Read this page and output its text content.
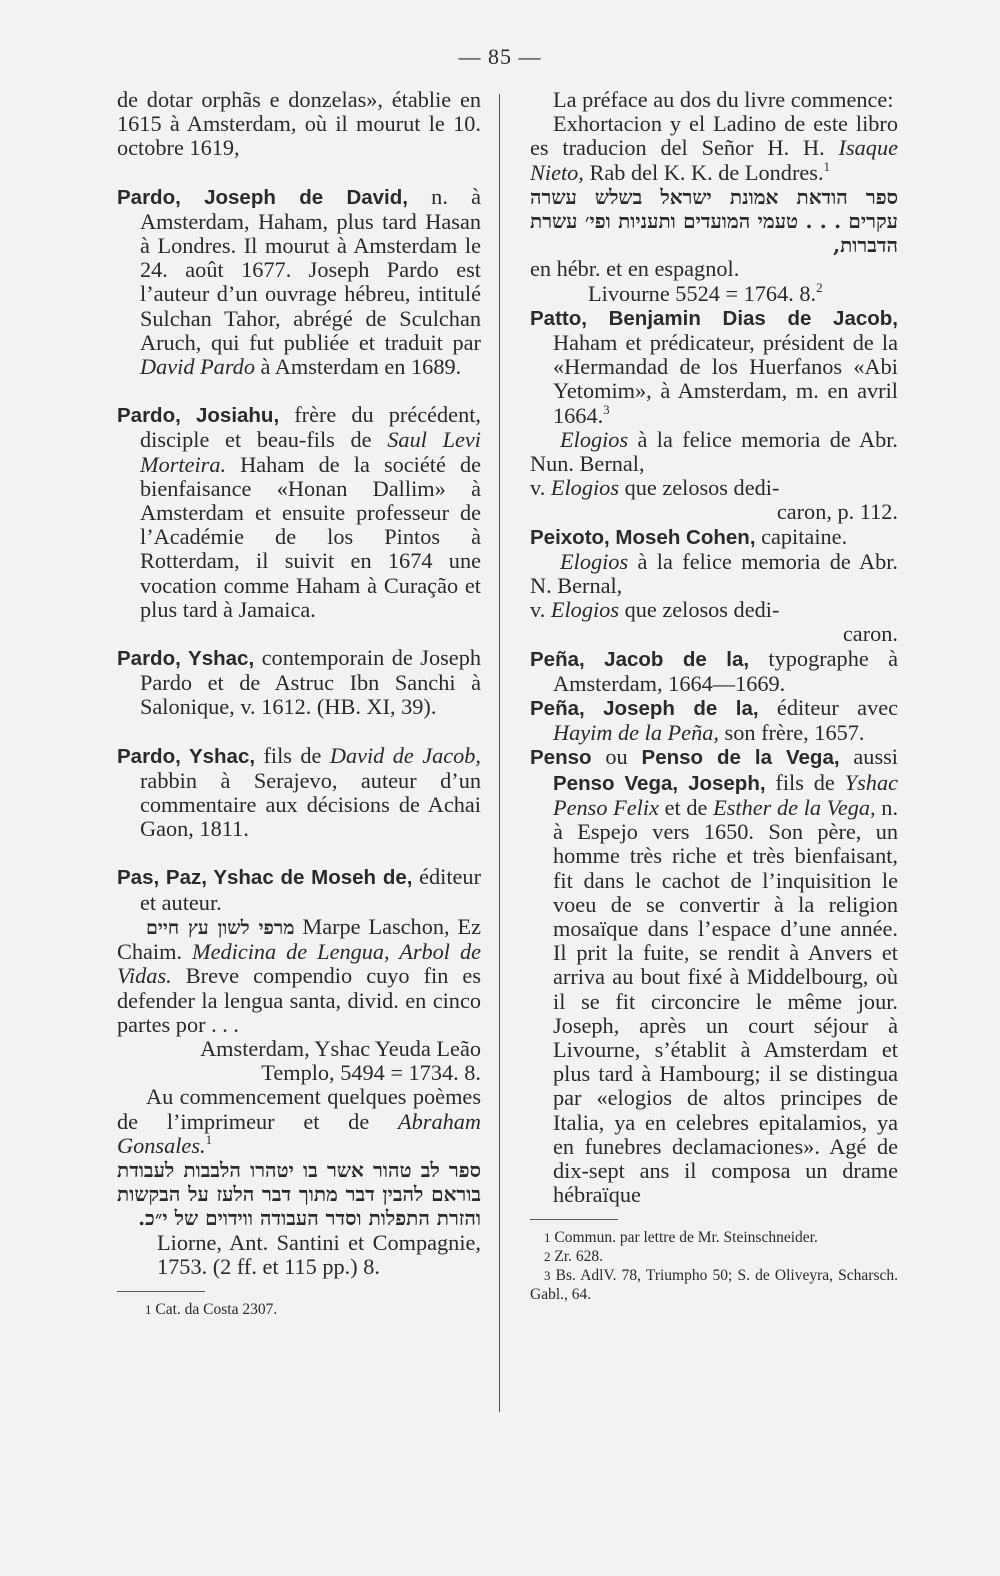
— 85 —

de dotar orphãs e donzelas», établie en 1615 à Amsterdam, où il mourut le 10. octobre 1619,

Pardo, Joseph de David, n. à Amsterdam, Haham, plus tard Hasan à Londres. Il mourut à Amsterdam le 24. août 1677. Joseph Pardo est l’auteur d’un ouvrage hébreu, intitulé Sulchan Tahor, abrégé de Sculchan Aruch, qui fut publiée et traduit par David Pardo à Amsterdam en 1689.

Pardo, Josiahu, frère du précédent, disciple et beau-fils de Saul Levi Morteira. Haham de la société de bienfaisance «Honan Dallim» à Amsterdam et ensuite professeur de l’Académie de los Pintos à Rotterdam, il suivit en 1674 une vocation comme Haham à Curação et plus tard à Jamaica.

Pardo, Yshac, contemporain de Joseph Pardo et de Astruc Ibn Sanchi à Salonique, v. 1612. (HB. XI, 39).

Pardo, Yshac, fils de David de Jacob, rabbin à Serajevo, auteur d’un commentaire aux décisions de Achai Gaon, 1811.

Pas, Paz, Yshac de Moseh de, éditeur et auteur.

מרפי לשון עץ חיים Marpe Laschon, Ez Chaim. Medicina de Lengua, Arbol de Vidas. Breve compendio cuyo fin es defender la lengua santa, divid. en cinco partes por . . .

Amsterdam, Yshac Yeuda Leão Templo, 5494 = 1734. 8.

Au commencement quelques poèmes de l’imprimeur et de Abraham Gonsales.$^1$

ספר לב טהור אשר בו יטהרו הלבבות לעבודת בוראם להבין דבר מתוך דבר הלעז על הבקשות והזרת התפלות וסדר העבודה ווידוים של י״כ.

Liorne, Ant. Santini et Compagnie, 1753. (2 ff. et 115 pp.) 8.

1 Cat. da Costa 2307.

La préface au dos du livre commence:

Exhortacion y el Ladino de este libro es traducion del Señor H. H. Isaque Nieto, Rab del K. K. de Londres.$^1$

ספר הודאת אמונת ישראל בשלש עשרה עקרים . . . טעמי המועדים ותעניות ופי׳ עשרת הדברות,

en hébr. et en espagnol.

Livourne 5524 = 1764. 8.$^2$

Patto, Benjamin Dias de Jacob, Haham et prédicateur, président de la «Hermandad de los Huerfanos «Abi Yetomim», à Amsterdam, m. en avril 1664.$^3$

Elogios à la felice memoria de Abr. Nun. Bernal,

v. Elogios que zelosos dedi-

caron, p. 112.

Peixoto, Moseh Cohen, capitaine.

Elogios à la felice memoria de Abr. N. Bernal,

v. Elogios que zelosos dedi-

caron.

Peña, Jacob de la, typographe à Amsterdam, 1664—1669.

Peña, Joseph de la, éditeur avec Hayim de la Peña, son frère, 1657.

Penso ou Penso de la Vega, aussi Penso Vega, Joseph, fils de Yshac Penso Felix et de Esther de la Vega, n. à Espejo vers 1650. Son père, un homme très riche et très bienfaisant, fit dans le cachot de l’inquisition le voeu de se convertir à la religion mosaïque dans l’espace d’une année. Il prit la fuite, se rendit à Anvers et arriva au bout fixé à Middelbourg, où il se fit circoncire le même jour. Joseph, après un court séjour à Livourne, s’établit à Amsterdam et plus tard à Hambourg; il se distingua par «elogios de altos principes de Italia, ya en celebres epitalamios, ya en funebres declamaciones». Agé de dix-sept ans il composa un drame hébraïque

1 Commun. par lettre de Mr. Steinschneider.

2 Zr. 628.

3 Bs. AdlV. 78, Triumpho 50; S. de Oliveyra, Scharsch. Gabl., 64.
